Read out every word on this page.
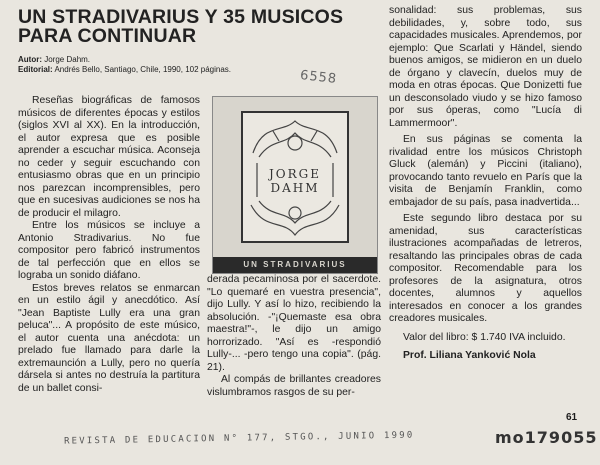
UN STRADIVARIUS Y 35 MUSICOS
PARA CONTINUAR
Autor: Jorge Dahm.
Editorial: Andrés Bello, Santiago, Chile, 1990, 102 páginas.	6558

Reseñas biográficas de famosos músicos de diferentes épocas y estilos (siglos XVI al XX). En la introducción, el autor expresa que es posible aprender a escuchar música. Aconseja no ceder y seguir escuchando con entusiasmo obras que en un principio nos parezcan incomprensibles, pero que en sucesivas audiciones se nos ha de producir el milagro.

Entre los músicos se incluye a Antonio Stradivarius. No fue compositor pero fabricó instrumentos de tal perfección que en ellos se lograba un sonido diáfano.

Estos breves relatos se enmarcan en un estilo ágil y anecdótico. Así "Jean Baptiste Lully era una gran peluca"... A propósito de este músico, el autor cuenta una anécdota: un prelado fue llamado para darle la extremaunción a Lully, pero no quería dársela si antes no destruía la partitura de un ballet consi-

JORGE
DAHM
UN STRADIVARIUS

derada pecaminosa por el sacerdote. "Lo quemaré en vuestra presencia", dijo Lully. Y así lo hizo, recibiendo la absolución. -"¡Quemaste esa obra maestra!"-, le dijo un amigo horrorizado. "Así es -respondió Lully-... -pero tengo una copia". (pág. 21).

Al compás de brillantes creadores vislumbramos rasgos de su per-

sonalidad: sus problemas, sus debilidades, y, sobre todo, sus capacidades musicales. Aprendemos, por ejemplo: Que Scarlati y Händel, siendo buenos amigos, se midieron en un duelo de órgano y clavecín, duelos muy de moda en otras épocas. Que Donizetti fue un desconsolado viudo y se hizo famoso por sus óperas, como "Lucía di Lammermoor".

En sus páginas se comenta la rivalidad entre los músicos Christoph Gluck (alemán) y Piccini (italiano), provocando tanto revuelo en París que la visita de Benjamín Franklin, como embajador de su país, pasa inadvertida...

Este segundo libro destaca por su amenidad, sus características ilustraciones acompañadas de letreros, resaltando las principales obras de cada compositor. Recomendable para los profesores de la asignatura, otros docentes, alumnos y aquellos interesados en conocer a los grandes creadores musicales.

Valor del libro: $ 1.740 IVA incluido.

Prof. Liliana Yanković Nola

61
REVISTA DE EDUCACION N° 177, STGO., JUNIO 1990	mo179055
